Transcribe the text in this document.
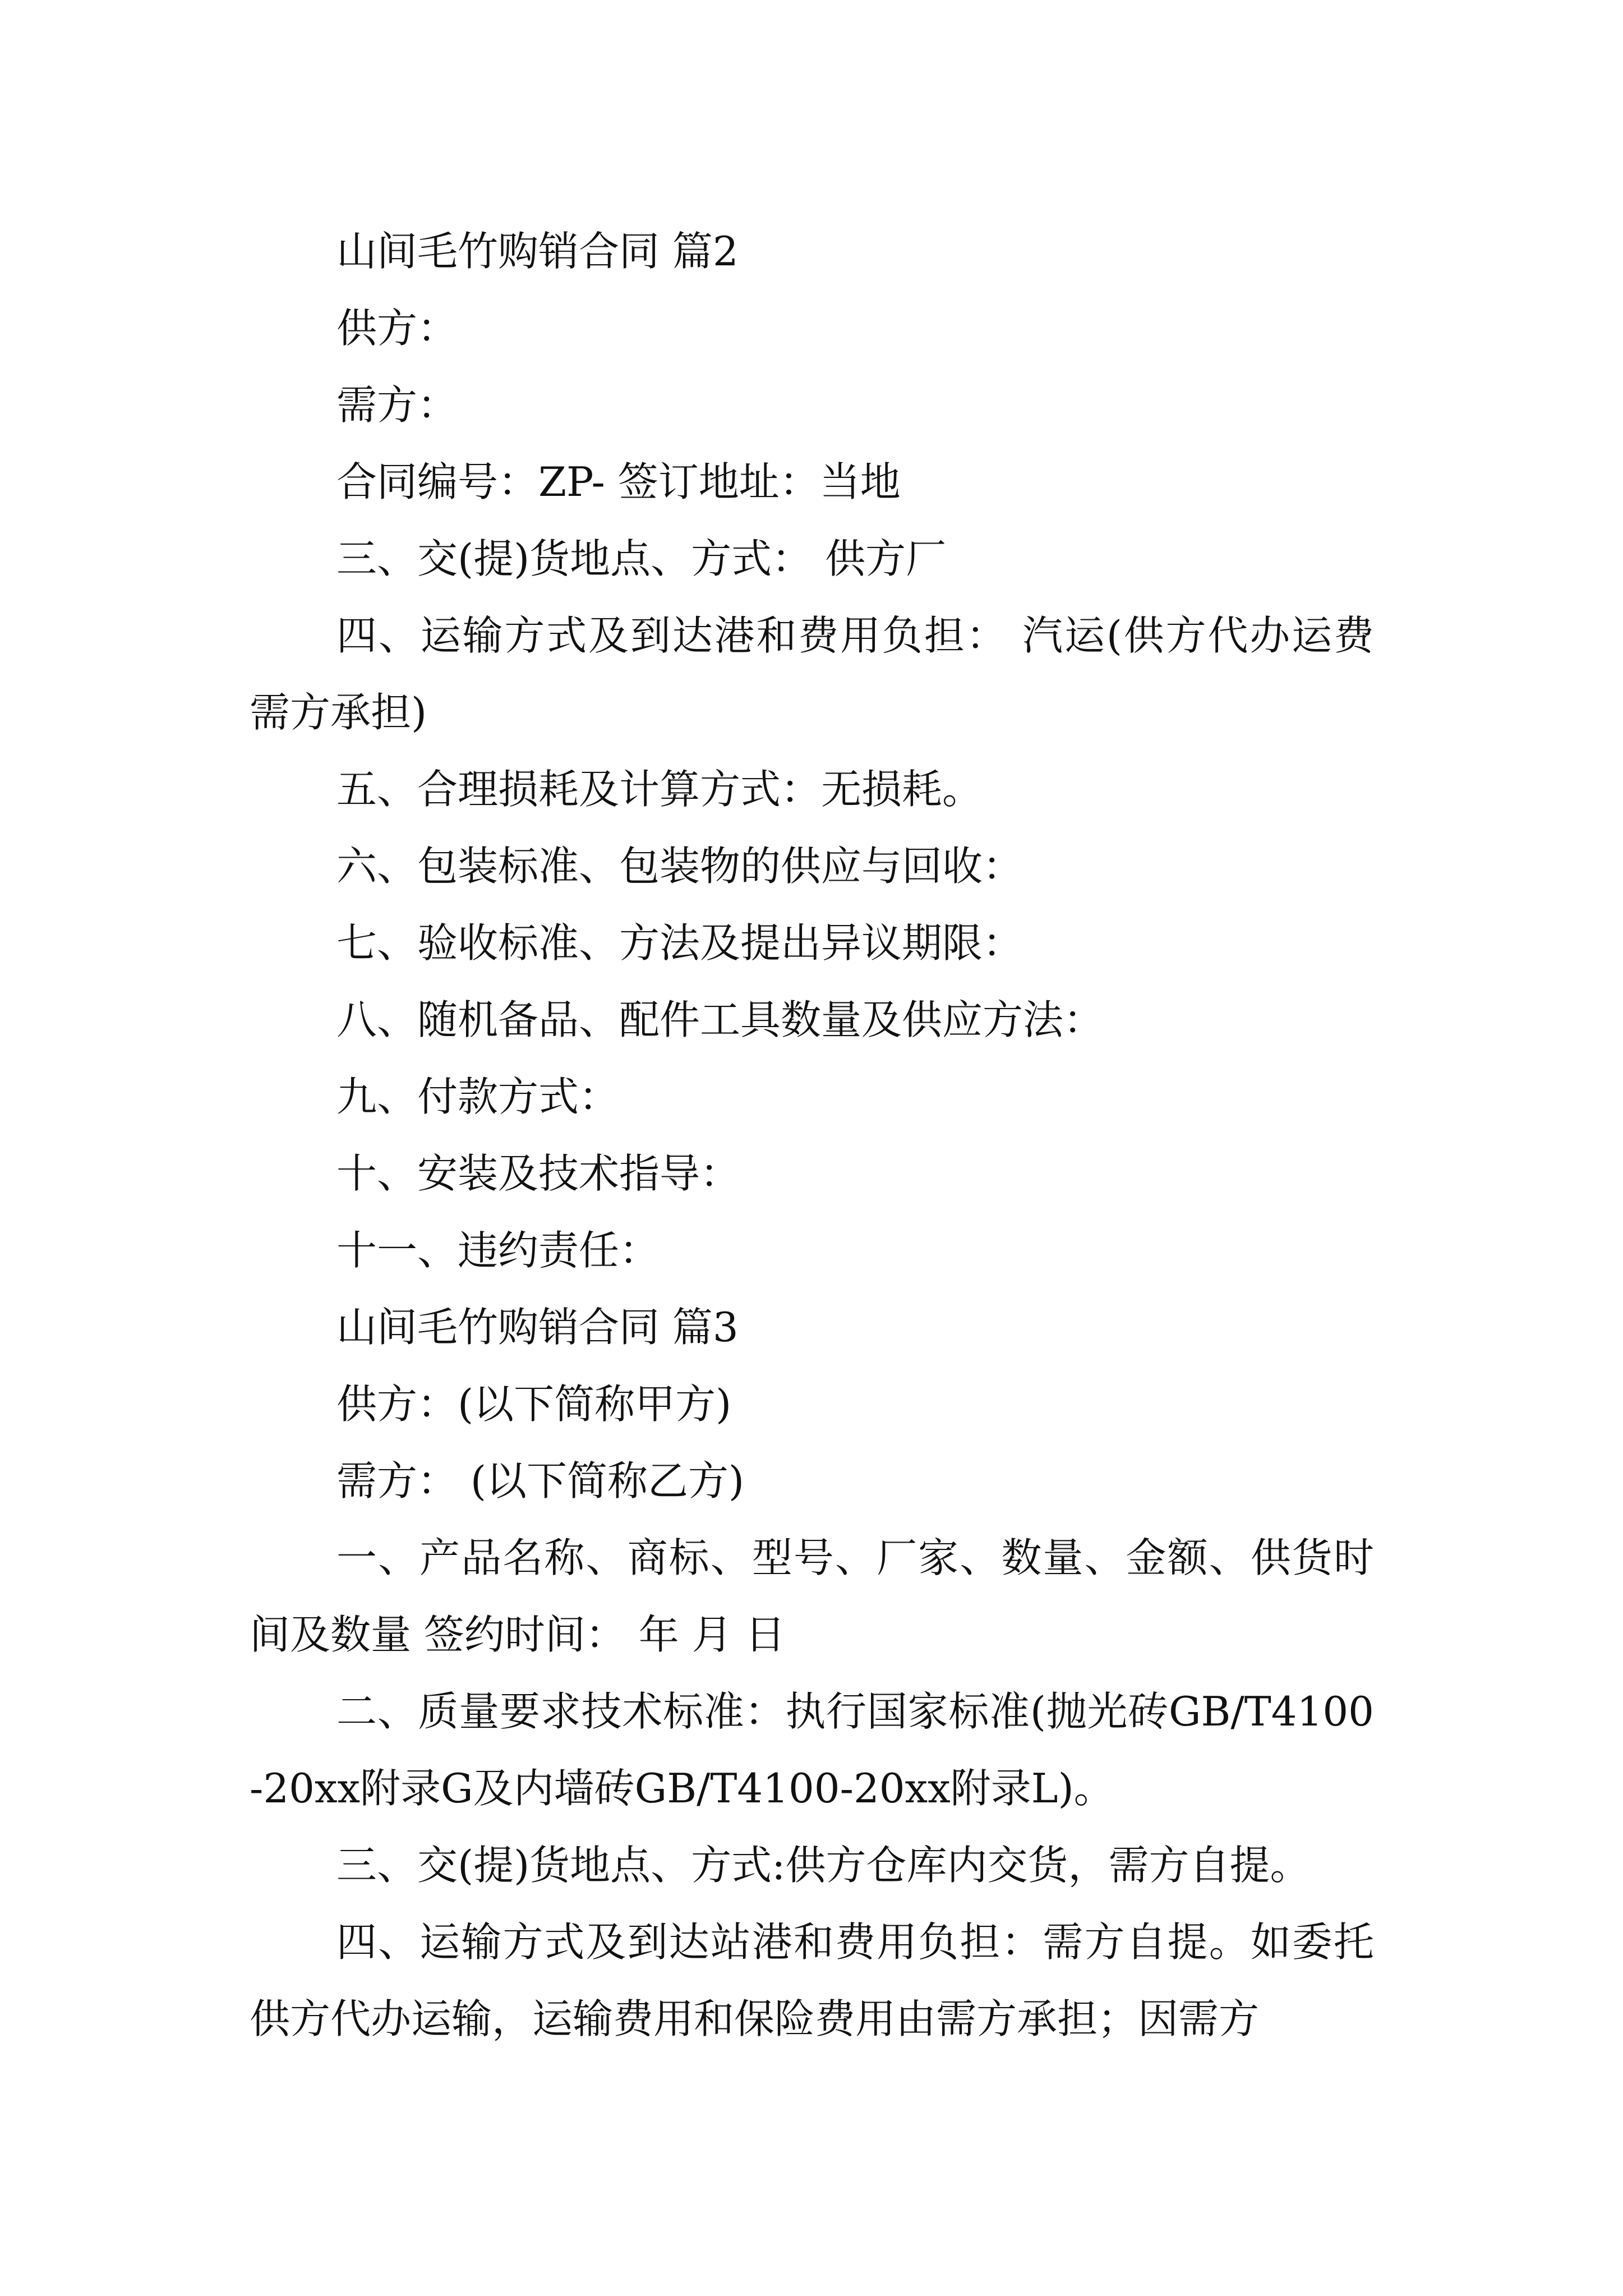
山间毛竹购销合同 篇2

供方：

需方：

合同编号：ZP- 签订地址：当地

三、交(提)货地点、方式： 供方厂

四、运输方式及到达港和费用负担： 汽运(供方代办运费需方承担)

五、合理损耗及计算方式：无损耗。

六、包装标准、包装物的供应与回收：

七、验收标准、方法及提出异议期限：

八、随机备品、配件工具数量及供应方法：

九、付款方式：

十、安装及技术指导：

十一、违约责任：

山间毛竹购销合同 篇3

供方：(以下简称甲方)

需方： (以下简称乙方)

一、产品名称、商标、型号、厂家、数量、金额、供货时间及数量 签约时间： 年 月 日

二、质量要求技术标准：执行国家标准(抛光砖GB/T4100-20xx附录G及内墙砖GB/T4100-20xx附录L)。

三、交(提)货地点、方式:供方仓库内交货，需方自提。

四、运输方式及到达站港和费用负担：需方自提。如委托供方代办运输，运输费用和保险费用由需方承担；因需方
